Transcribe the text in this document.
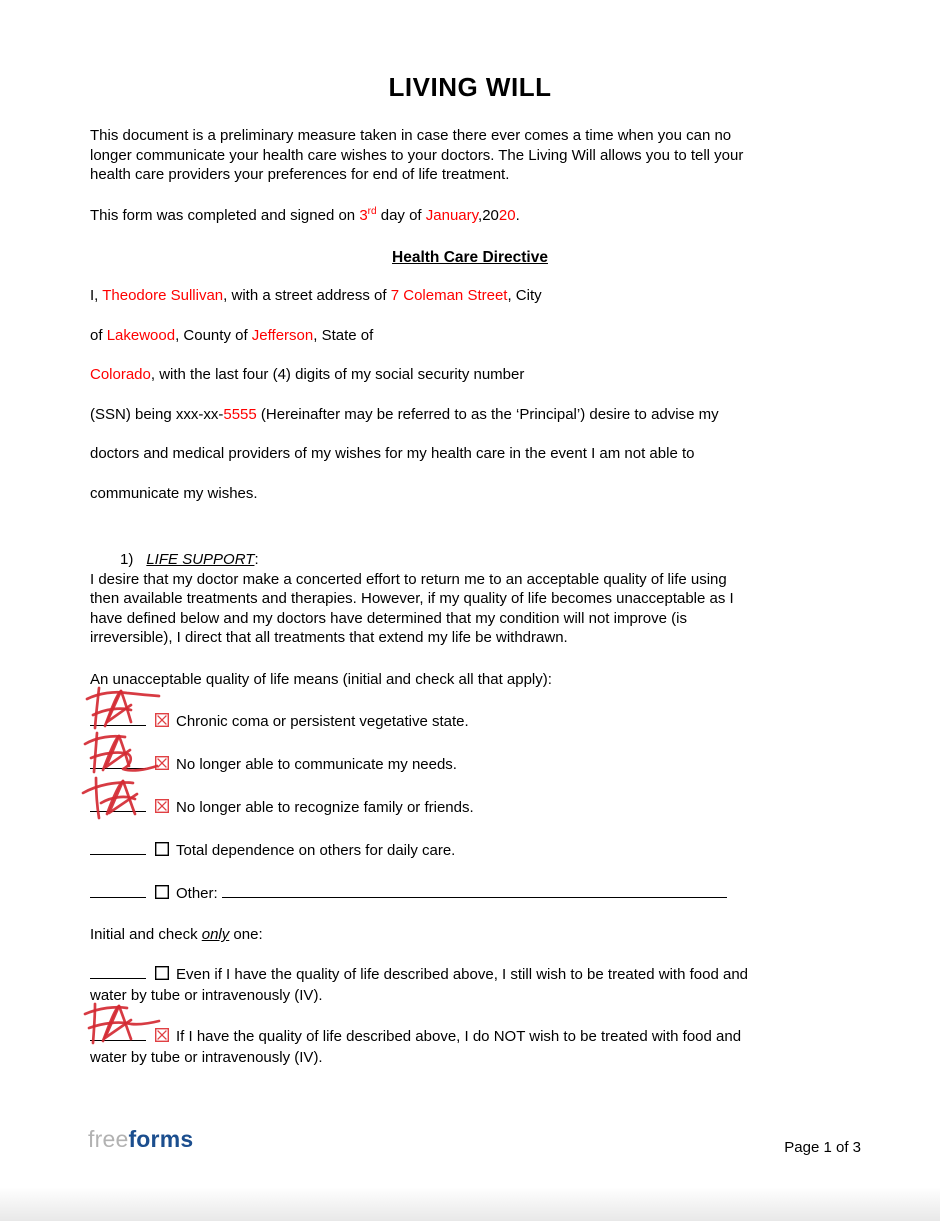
LIVING WILL
This document is a preliminary measure taken in case there ever comes a time when you can no
longer communicate your health care wishes to your doctors. The Living Will allows you to tell your
health care providers your preferences for end of life treatment.
This form was completed and signed on 3rd day of January,2020.
Health Care Directive
I, Theodore Sullivan, with a street address of 7 Coleman Street, City
of Lakewood, County of Jefferson, State of
Colorado, with the last four (4) digits of my social security number
(SSN) being xxx-xx-5555 (Hereinafter may be referred to as the ‘Principal’) desire to advise my
doctors and medical providers of my wishes for my health care in the event I am not able to
communicate my wishes.
1) LIFE SUPPORT:
I desire that my doctor make a concerted effort to return me to an acceptable quality of life using
then available treatments and therapies. However, if my quality of life becomes unacceptable as I
have defined below and my doctors have determined that my condition will not improve (is
irreversible), I direct that all treatments that extend my life be withdrawn.
An unacceptable quality of life means (initial and check all that apply):
Chronic coma or persistent vegetative state.
No longer able to communicate my needs.
No longer able to recognize family or friends.
Total dependence on others for daily care.
Other:
Initial and check only one:
Even if I have the quality of life described above, I still wish to be treated with food and
water by tube or intravenously (IV).
If I have the quality of life described above, I do NOT wish to be treated with food and
water by tube or intravenously (IV).
freeforms	Page 1 of 3
